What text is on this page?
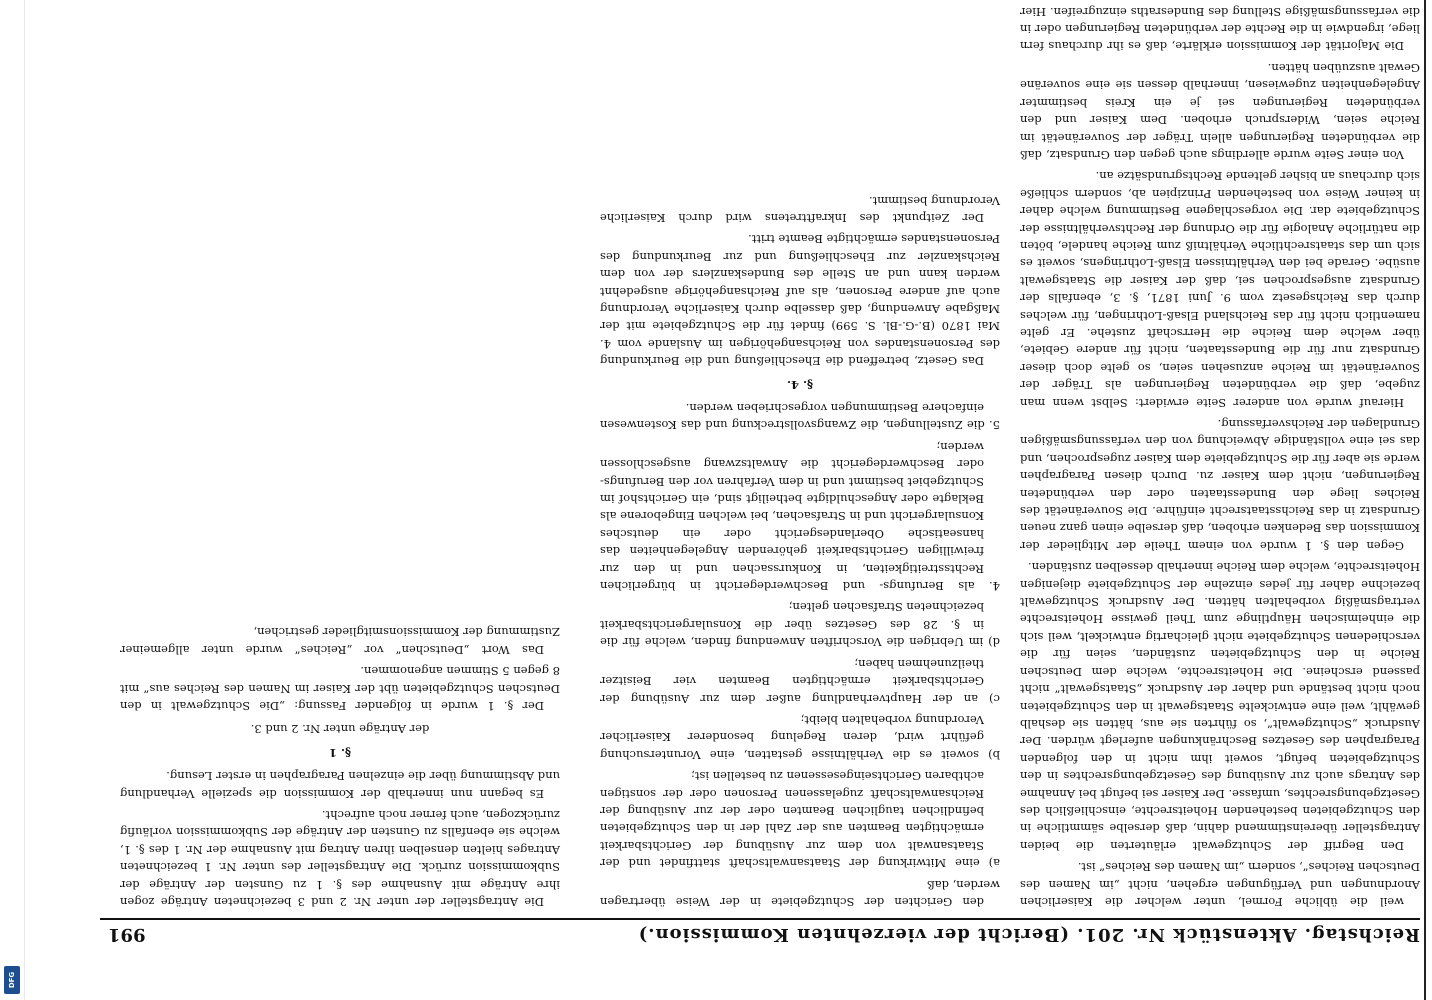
DFG
Reichstag. Aktenstück Nr. 201. (Bericht der vierzehnten Kommission.)
991

weil die übliche Formel, unter welcher die Kaiserlichen Anordnungen und Verfügungen ergehen, nicht „im Namen des Deutschen Reiches“, sondern „im Namen des Reiches“ ist.

Den Begriff der Schutzgewalt erläuterten die beiden Antragsteller übereinstimmend dahin, daß derselbe sämmtliche in den Schutzgebieten bestehenden Hoheitsrechte, einschließlich des Gesetzgebungsrechtes, umfasse. Der Kaiser sei befugt bei Annahme des Antrags auch zur Ausübung des Gesetzgebungsrechtes in den Schutzgebieten befugt, soweit ihm nicht in den folgenden Paragraphen des Gesetzes Beschränkungen auferlegt würden. Der Ausdruck „Schutzgewalt“, so führten sie aus, hätten sie deshalb gewählt, weil eine entwickelte Staatsgewalt in den Schutzgebieten noch nicht bestände und daher der Ausdruck „Staatsgewalt“ nicht passend erscheine. Die Hoheitsrechte, welche dem Deutschen Reiche in den Schutzgebieten zuständen, seien für die verschiedenen Schutzgebiete nicht gleichartig entwickelt, weil sich die einheimischen Häuptlinge zum Theil gewisse Hoheitsrechte vertragsmäßig vorbehalten hätten. Der Ausdruck Schutzgewalt bezeichne daher für jedes einzelne der Schutzgebiete diejenigen Hoheitsrechte, welche dem Reiche innerhalb desselben zuständen.

Gegen den §. 1 wurde von einem Theile der Mitglieder der Kommission das Bedenken erhoben, daß derselbe einen ganz neuen Grundsatz in das Reichsstaatsrecht einführe. Die Souveränetät des Reiches liege den Bundesstaaten oder den verbündeten Regierungen, nicht dem Kaiser zu. Durch diesen Paragraphen werde sie aber für die Schutzgebiete dem Kaiser zugesprochen, und das sei eine vollständige Abweichung von den verfassungsmäßigen Grundlagen der Reichsverfassung.

Hierauf wurde von anderer Seite erwidert: Selbst wenn man zugebe, daß die verbündeten Regierungen als Träger der Souveränetät im Reiche anzusehen seien, so gelte doch dieser Grundsatz nur für die Bundesstaaten, nicht für andere Gebiete, über welche dem Reiche die Herrschaft zustehe. Er gelte namentlich nicht für das Reichsland Elsaß-Lothringen, für welches durch das Reichsgesetz vom 9. Juni 1871, §. 3, ebenfalls der Grundsatz ausgesprochen sei, daß der Kaiser die Staatsgewalt ausübe. Gerade bei den Verhältnissen Elsaß-Lothringens, soweit es sich um das staatsrechtliche Verhältniß zum Reiche handele, böten die natürliche Analogie für die Ordnung der Rechtsverhältnisse der Schutzgebiete dar. Die vorgeschlagene Bestimmung welche daher in keiner Weise von bestehenden Prinzipien ab, sondern schließe sich durchaus an bisher geltende Rechtsgrundsätze an.

Von einer Seite wurde allerdings auch gegen den Grundsatz, daß die verbündeten Regierungen allein Träger der Souveränetät im Reiche seien, Widerspruch erhoben. Dem Kaiser und den verbündeten Regierungen sei je ein Kreis bestimmter Angelegenheiten zugewiesen, innerhalb dessen sie eine souveräne Gewalt auszuüben hätten.

Die Majorität der Kommission erklärte, daß es ihr durchaus fern liege, irgendwie in die Rechte der verbündeten Regierungen oder in die verfassungsmäßige Stellung des Bundesraths einzugreifen. Hier

den Gerichten der Schutzgebiete in der Weise übertragen werden, daß

a) eine Mitwirkung der Staatsanwaltschaft stattfindet und der Staatsanwalt von dem zur Ausübung der Gerichtsbarkeit ermächtigten Beamten aus der Zahl der in den Schutzgebieten befindlichen tauglichen Beamten oder der zur Ausübung der Reichsanwaltschaft zugelassenen Personen oder der sonstigen achtbaren Gerichtseingesessenen zu bestellen ist;

b) soweit es die Verhältnisse gestatten, eine Voruntersuchung geführt wird, deren Regelung besonderer Kaiserlicher Verordnung vorbehalten bleibt;

c) an der Hauptverhandlung außer dem zur Ausübung der Gerichtsbarkeit ermächtigten Beamten vier Beisitzer theilzunehmen haben;

d) im Uebrigen die Vorschriften Anwendung finden, welche für die in §. 28 des Gesetzes über die Konsulargerichtsbarkeit bezeichneten Strafsachen gelten;

4. als Berufungs- und Beschwerdegericht in bürgerlichen Rechtsstreitigkeiten, in Konkurssachen und in den zur freiwilligen Gerichtsbarkeit gehörenden Angelegenheiten das hanseatische Oberlandesgericht oder ein deutsches Konsulargericht und in Strafsachen, bei welchen Eingeborene als Beklagte oder Angeschuldigte betheiligt sind, ein Gerichtshof im Schutzgebiet bestimmt und in dem Verfahren vor den Berufungs- oder Beschwerdegericht die Anwaltszwang ausgeschlossen werden;

5. die Zustellungen, die Zwangsvollstreckung und das Kostenwesen einfachere Bestimmungen vorgeschrieben werden.

§. 4.

Das Gesetz, betreffend die Eheschließung und die Beurkundung des Personenstandes von Reichsangehörigen im Auslande vom 4. Mai 1870 (B.-G.-Bl. S. 599) findet für die Schutzgebiete mit der Maßgabe Anwendung, daß dasselbe durch Kaiserliche Verordnung auch auf andere Personen, als auf Reichsangehörige ausgedehnt werden kann und an Stelle des Bundeskanzlers der von dem Reichskanzler zur Eheschließung und zur Beurkundung des Personenstandes ermächtigte Beamte tritt.

Der Zeitpunkt des Inkrafttretens wird durch Kaiserliche Verordnung bestimmt.

Die Antragsteller der unter Nr. 2 und 3 bezeichneten Anträge zogen ihre Anträge mit Ausnahme des §. 1 zu Gunsten der Anträge der Subkommission zurück. Die Antragsteller des unter Nr. 1 bezeichneten Antrages hielten denselben ihren Antrag mit Ausnahme der Nr. 1 des §. 1, welche sie ebenfalls zu Gunsten der Anträge der Subkommission vorläufig zurückzogen, auch ferner noch aufrecht.

Es begann nun innerhalb der Kommission die spezielle Verhandlung und Abstimmung über die einzelnen Paragraphen in erster Lesung.

§. 1

der Anträge unter Nr. 2 und 3.

Der §. 1 wurde in folgender Fassung: „Die Schutzgewalt in den Deutschen Schutzgebieten übt der Kaiser im Namen des Reiches aus“ mit 8 gegen 5 Stimmen angenommen.

Das Wort „Deutschen“ vor „Reiches“ wurde unter allgemeiner Zustimmung der Kommissionsmitglieder gestrichen,
